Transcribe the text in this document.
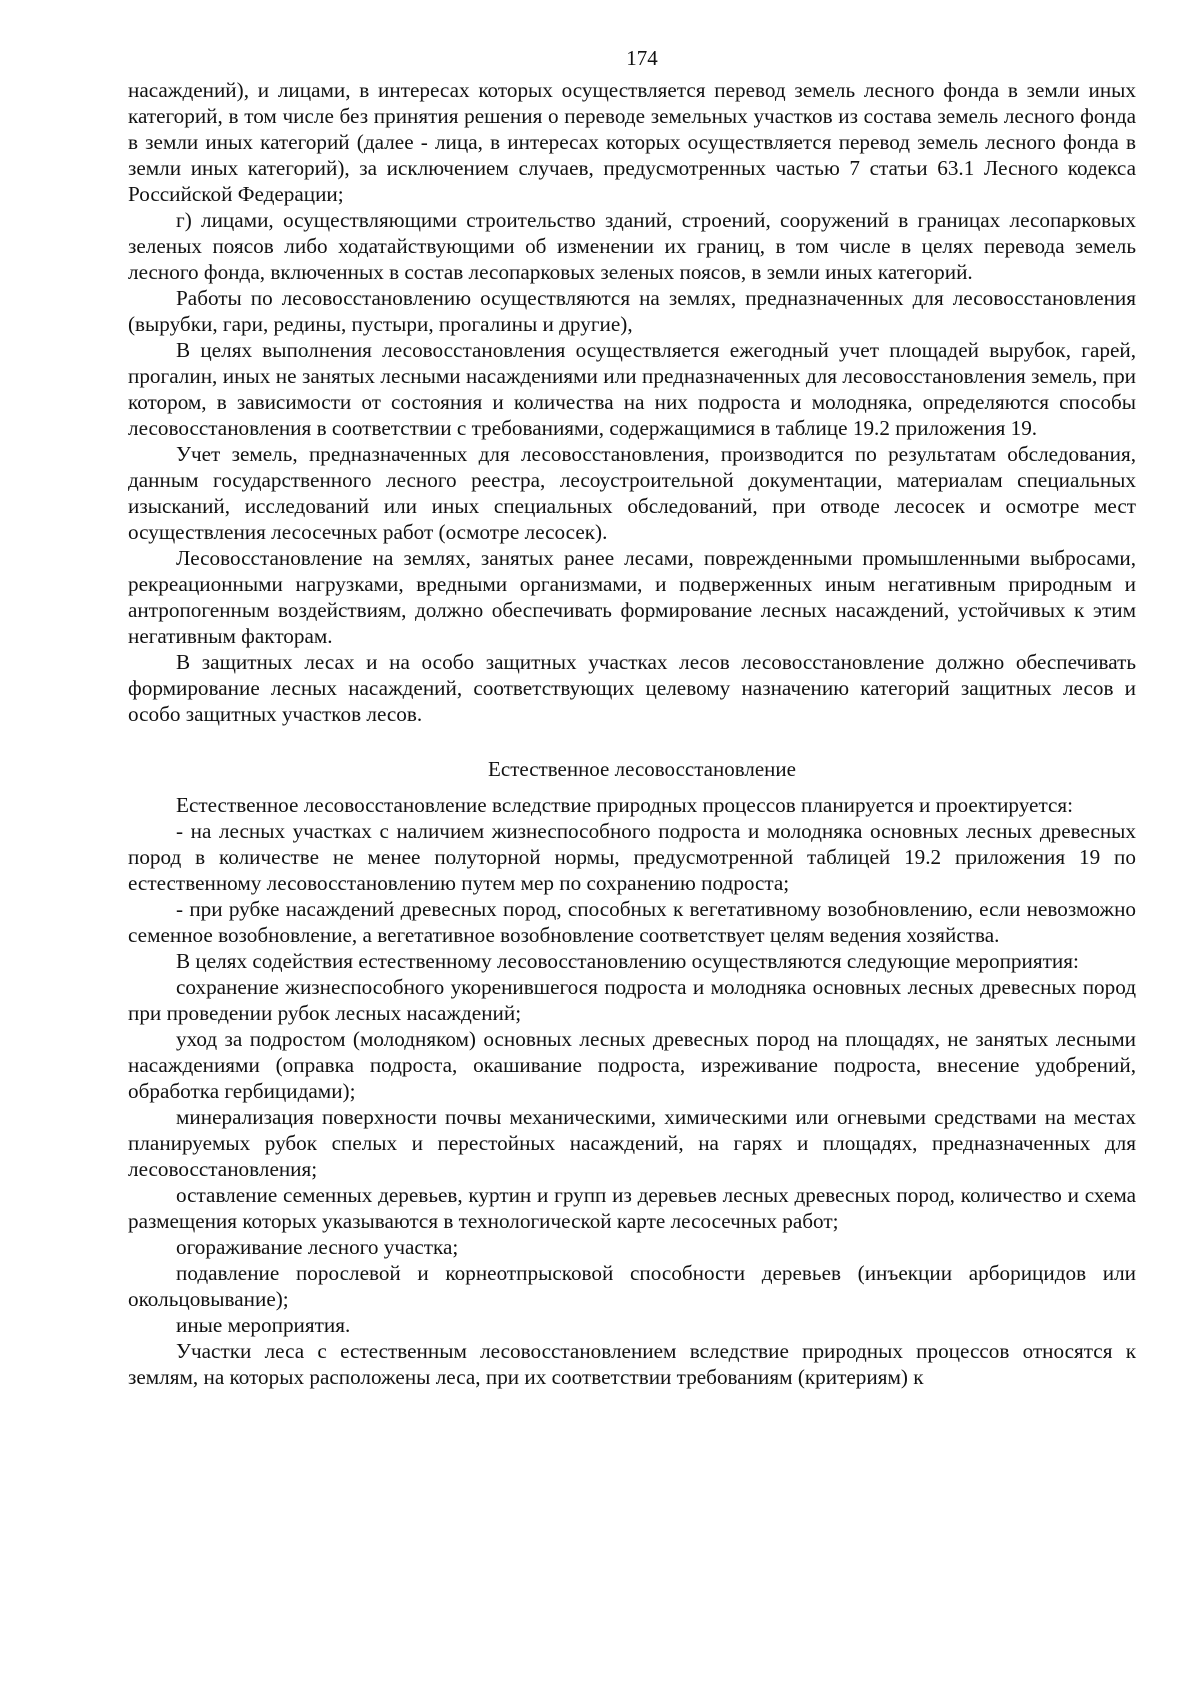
174

насаждений), и лицами, в интересах которых осуществляется перевод земель лесного фонда в земли иных категорий, в том числе без принятия решения о переводе земельных участков из состава земель лесного фонда в земли иных категорий (далее - лица, в интересах которых осуществляется перевод земель лесного фонда в земли иных категорий), за исключением случаев, предусмотренных частью 7 статьи 63.1 Лесного кодекса Российской Федерации;

г) лицами, осуществляющими строительство зданий, строений, сооружений в границах лесопарковых зеленых поясов либо ходатайствующими об изменении их границ, в том числе в целях перевода земель лесного фонда, включенных в состав лесопарковых зеленых поясов, в земли иных категорий.

Работы по лесовосстановлению осуществляются на землях, предназначенных для лесовосстановления (вырубки, гари, редины, пустыри, прогалины и другие),

В целях выполнения лесовосстановления осуществляется ежегодный учет площадей вырубок, гарей, прогалин, иных не занятых лесными насаждениями или предназначенных для лесовосстановления земель, при котором, в зависимости от состояния и количества на них подроста и молодняка, определяются способы лесовосстановления в соответствии с требованиями, содержащимися в таблице 19.2 приложения 19.

Учет земель, предназначенных для лесовосстановления, производится по результатам обследования, данным государственного лесного реестра, лесоустроительной документации, материалам специальных изысканий, исследований или иных специальных обследований, при отводе лесосек и осмотре мест осуществления лесосечных работ (осмотре лесосек).

Лесовосстановление на землях, занятых ранее лесами, поврежденными промышленными выбросами, рекреационными нагрузками, вредными организмами, и подверженных иным негативным природным и антропогенным воздействиям, должно обеспечивать формирование лесных насаждений, устойчивых к этим негативным факторам.

В защитных лесах и на особо защитных участках лесов лесовосстановление должно обеспечивать формирование лесных насаждений, соответствующих целевому назначению категорий защитных лесов и особо защитных участков лесов.

Естественное лесовосстановление

Естественное лесовосстановление вследствие природных процессов планируется и проектируется:

- на лесных участках с наличием жизнеспособного подроста и молодняка основных лесных древесных пород в количестве не менее полуторной нормы, предусмотренной таблицей 19.2 приложения 19 по естественному лесовосстановлению путем мер по сохранению подроста;

- при рубке насаждений древесных пород, способных к вегетативному возобновлению, если невозможно семенное возобновление, а вегетативное возобновление соответствует целям ведения хозяйства.

В целях содействия естественному лесовосстановлению осуществляются следующие мероприятия:

сохранение жизнеспособного укоренившегося подроста и молодняка основных лесных древесных пород при проведении рубок лесных насаждений;

уход за подростом (молодняком) основных лесных древесных пород на площадях, не занятых лесными насаждениями (оправка подроста, окашивание подроста, изреживание подроста, внесение удобрений, обработка гербицидами);

минерализация поверхности почвы механическими, химическими или огневыми средствами на местах планируемых рубок спелых и перестойных насаждений, на гарях и площадях, предназначенных для лесовосстановления;

оставление семенных деревьев, куртин и групп из деревьев лесных древесных пород, количество и схема размещения которых указываются в технологической карте лесосечных работ;

огораживание лесного участка;

подавление порослевой и корнеотпрысковой способности деревьев (инъекции арборицидов или окольцовывание);

иные мероприятия.

Участки леса с естественным лесовосстановлением вследствие природных процессов относятся к землям, на которых расположены леса, при их соответствии требованиям (критериям) к
